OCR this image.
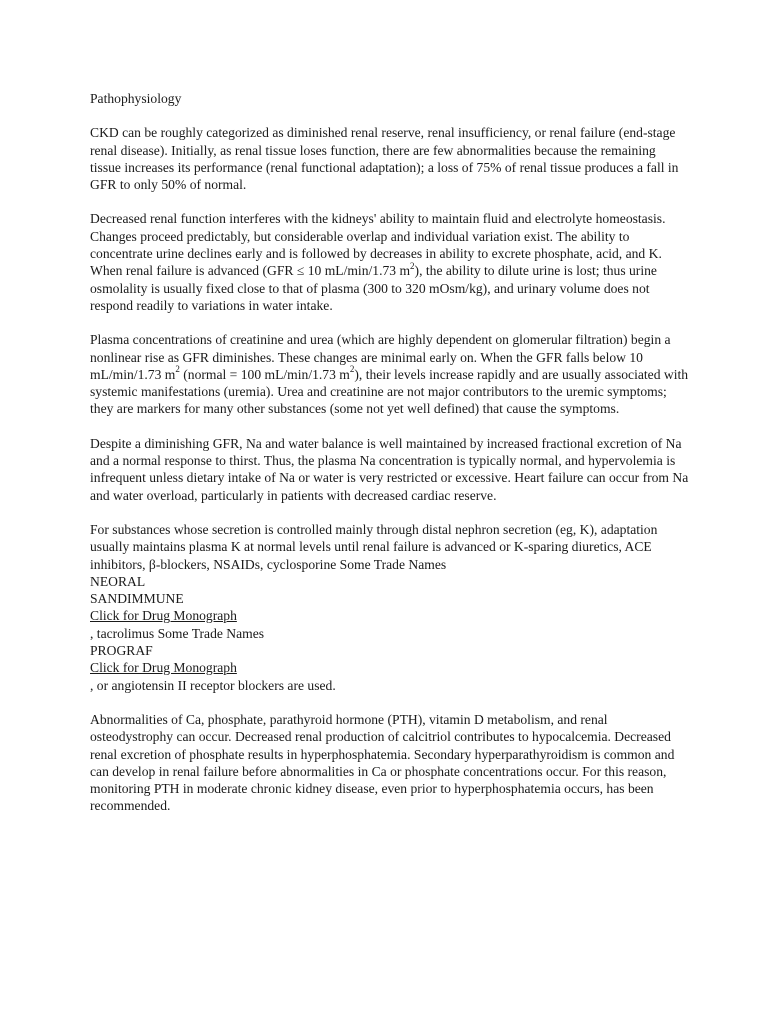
Pathophysiology

CKD can be roughly categorized as diminished renal reserve, renal insufficiency, or renal failure (end-stage renal disease). Initially, as renal tissue loses function, there are few abnormalities because the remaining tissue increases its performance (renal functional adaptation); a loss of 75% of renal tissue produces a fall in GFR to only 50% of normal.

Decreased renal function interferes with the kidneys' ability to maintain fluid and electrolyte homeostasis. Changes proceed predictably, but considerable overlap and individual variation exist. The ability to concentrate urine declines early and is followed by decreases in ability to excrete phosphate, acid, and K. When renal failure is advanced (GFR ≤ 10 mL/min/1.73 $m^2$), the ability to dilute urine is lost; thus urine osmolality is usually fixed close to that of plasma (300 to 320 mOsm/kg), and urinary volume does not respond readily to variations in water intake.

Plasma concentrations of creatinine and urea (which are highly dependent on glomerular filtration) begin a nonlinear rise as GFR diminishes. These changes are minimal early on. When the GFR falls below 10 mL/min/1.73 $m^2$ (normal = 100 mL/min/1.73 $m^2$), their levels increase rapidly and are usually associated with systemic manifestations (uremia). Urea and creatinine are not major contributors to the uremic symptoms; they are markers for many other substances (some not yet well defined) that cause the symptoms.

Despite a diminishing GFR, Na and water balance is well maintained by increased fractional excretion of Na and a normal response to thirst. Thus, the plasma Na concentration is typically normal, and hypervolemia is infrequent unless dietary intake of Na or water is very restricted or excessive. Heart failure can occur from Na and water overload, particularly in patients with decreased cardiac reserve.

For substances whose secretion is controlled mainly through distal nephron secretion (eg, K), adaptation usually maintains plasma K at normal levels until renal failure is advanced or K-sparing diuretics, ACE inhibitors, β-blockers, NSAIDs, cyclosporine Some Trade Names
NEORAL
SANDIMMUNE
Click for Drug Monograph
, tacrolimus Some Trade Names
PROGRAF
Click for Drug Monograph
, or angiotensin II receptor blockers are used.

Abnormalities of Ca, phosphate, parathyroid hormone (PTH), vitamin D metabolism, and renal osteodystrophy can occur. Decreased renal production of calcitriol contributes to hypocalcemia. Decreased renal excretion of phosphate results in hyperphosphatemia. Secondary hyperparathyroidism is common and can develop in renal failure before abnormalities in Ca or phosphate concentrations occur. For this reason, monitoring PTH in moderate chronic kidney disease, even prior to hyperphosphatemia occurs, has been recommended.
